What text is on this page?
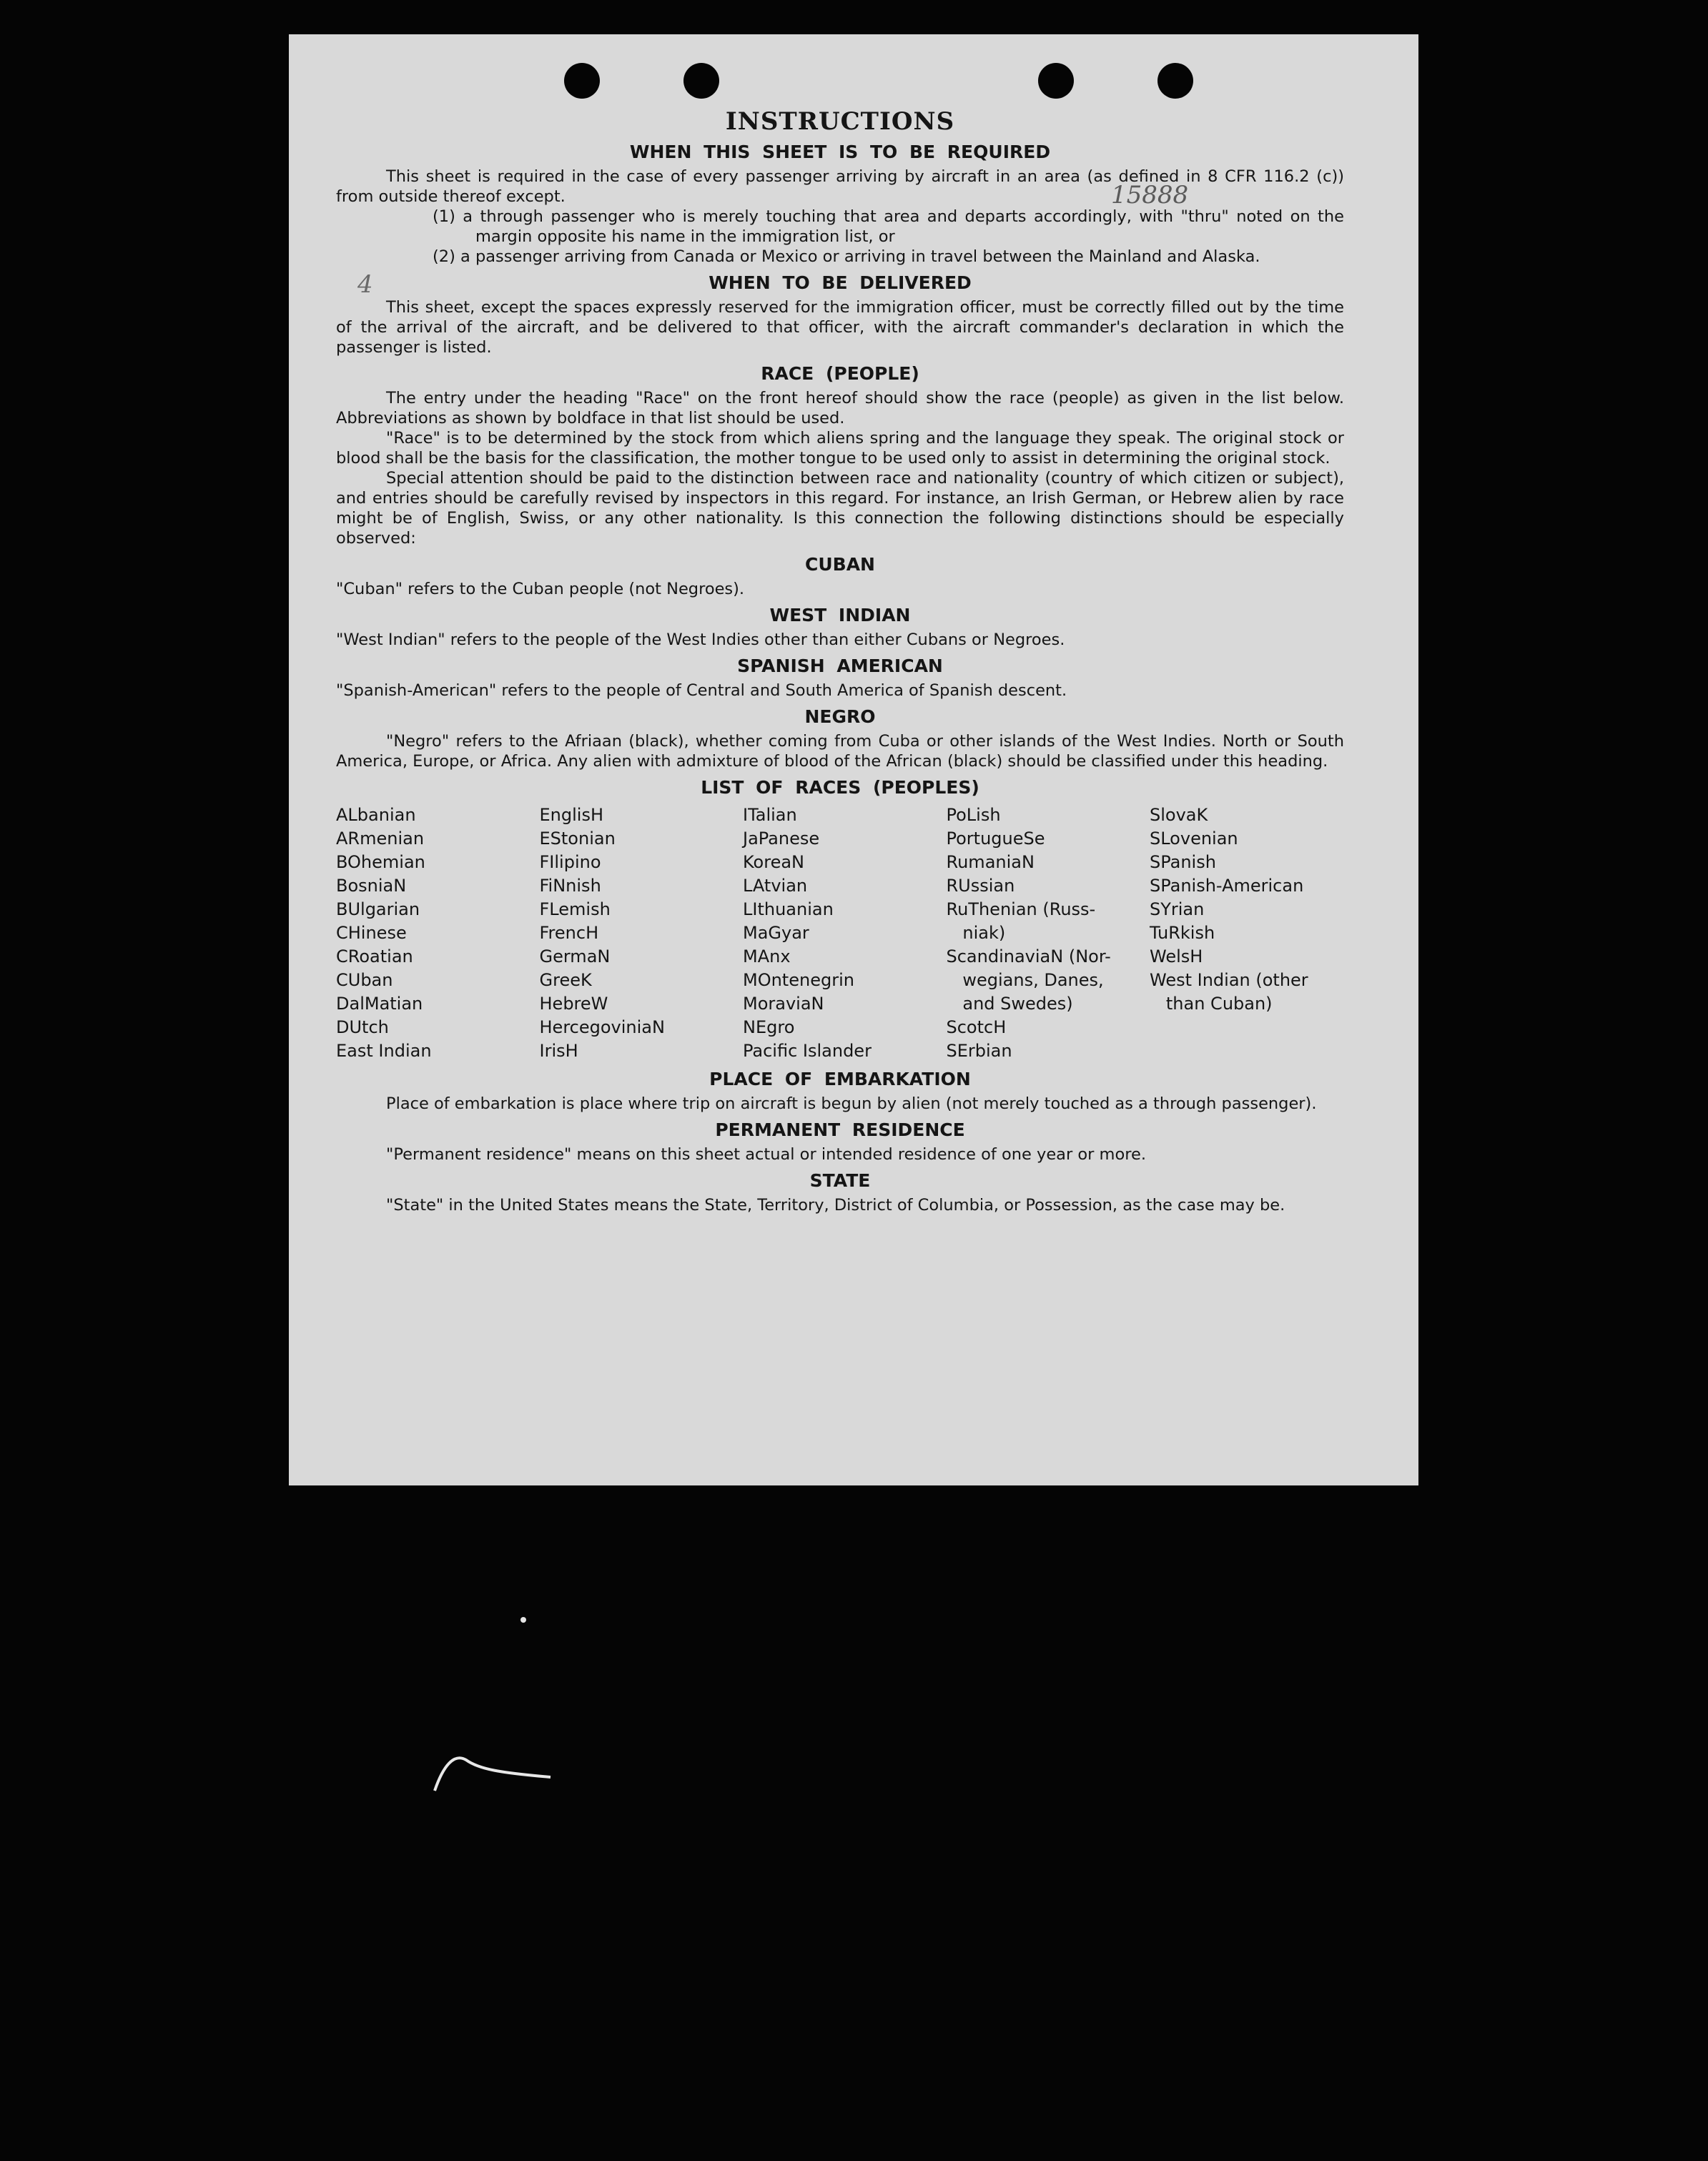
15888
4
INSTRUCTIONS
WHEN THIS SHEET IS TO BE REQUIRED

This sheet is required in the case of every passenger arriving by aircraft in an area (as defined in 8 CFR 116.2 (c)) from outside thereof except.

(1) a through passenger who is merely touching that area and departs accordingly, with "thru" noted on the margin opposite his name in the immigration list, or

(2) a passenger arriving from Canada or Mexico or arriving in travel between the Mainland and Alaska.

WHEN TO BE DELIVERED

This sheet, except the spaces expressly reserved for the immigration officer, must be correctly filled out by the time of the arrival of the aircraft, and be delivered to that officer, with the aircraft commander's declaration in which the passenger is listed.

RACE (PEOPLE)

The entry under the heading "Race" on the front hereof should show the race (people) as given in the list below. Abbreviations as shown by boldface in that list should be used.

"Race" is to be determined by the stock from which aliens spring and the language they speak. The original stock or blood shall be the basis for the classification, the mother tongue to be used only to assist in determining the original stock.

Special attention should be paid to the distinction between race and nationality (country of which citizen or subject), and entries should be carefully revised by inspectors in this regard. For instance, an Irish German, or Hebrew alien by race might be of English, Swiss, or any other nationality. Is this connection the following distinctions should be especially observed:

CUBAN

"Cuban" refers to the Cuban people (not Negroes).

WEST INDIAN

"West Indian" refers to the people of the West Indies other than either Cubans or Negroes.

SPANISH AMERICAN

"Spanish-American" refers to the people of Central and South America of Spanish descent.

NEGRO

"Negro" refers to the Afriaan (black), whether coming from Cuba or other islands of the West Indies. North or South America, Europe, or Africa. Any alien with admixture of blood of the African (black) should be classified under this heading.

LIST OF RACES (PEOPLES)
ALbanian
ARmenian
BOhemian
BosniaN
BUlgarian
CHinese
CRoatian
CUban
DalMatian
DUtch
East Indian
EnglisH
EStonian
FIlipino
FiNnish
FLemish
FrencH
GermaN
GreeK
HebreW
HercegoviniaN
IrisH
ITalian
JaPanese
KoreaN
LAtvian
LIthuanian
MaGyar
MAnx
MOntenegrin
MoraviaN
NEgro
Pacific Islander
PoLish
PortugueSe
RumaniaN
RUssian
RuThenian (Russ-
niak)
ScandinaviaN (Nor-
wegians, Danes,
and Swedes)
ScotcH
SErbian
SlovaK
SLovenian
SPanish
SPanish-American
SYrian
TuRkish
WelsH
West Indian (other
than Cuban)
PLACE OF EMBARKATION

Place of embarkation is place where trip on aircraft is begun by alien (not merely touched as a through passenger).

PERMANENT RESIDENCE

"Permanent residence" means on this sheet actual or intended residence of one year or more.

STATE

"State" in the United States means the State, Territory, District of Columbia, or Possession, as the case may be.
